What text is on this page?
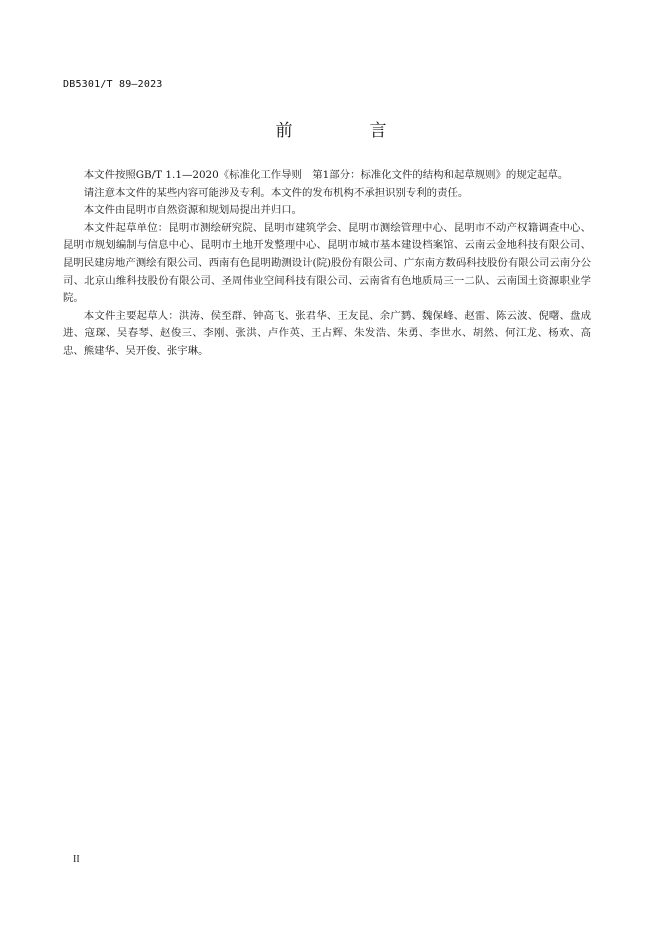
DB5301/T 89—2023
前　言

本文件按照GB/T 1.1—2020《标准化工作导则　第1部分：标准化文件的结构和起草规则》的规定起草。

请注意本文件的某些内容可能涉及专利。本文件的发布机构不承担识别专利的责任。

本文件由昆明市自然资源和规划局提出并归口。

本文件起草单位：昆明市测绘研究院、昆明市建筑学会、昆明市测绘管理中心、昆明市不动产权籍调查中心、昆明市规划编制与信息中心、昆明市土地开发整理中心、昆明市城市基本建设档案馆、云南云金地科技有限公司、昆明民建房地产测绘有限公司、西南有色昆明勘测设计(院)股份有限公司、广东南方数码科技股份有限公司云南分公司、北京山维科技股份有限公司、圣周伟业空间科技有限公司、云南省有色地质局三一二队、云南国土资源职业学院。

本文件主要起草人：洪涛、侯至群、钟高飞、张君华、王友昆、余广鹨、魏保峰、赵雷、陈云波、倪曙、盘成进、寇琛、吴春琴、赵俊三、李刚、张洪、卢作英、王占辉、朱发浩、朱勇、李世水、胡然、何江龙、杨欢、高忠、熊建华、吴开俊、张宇琳。

II
